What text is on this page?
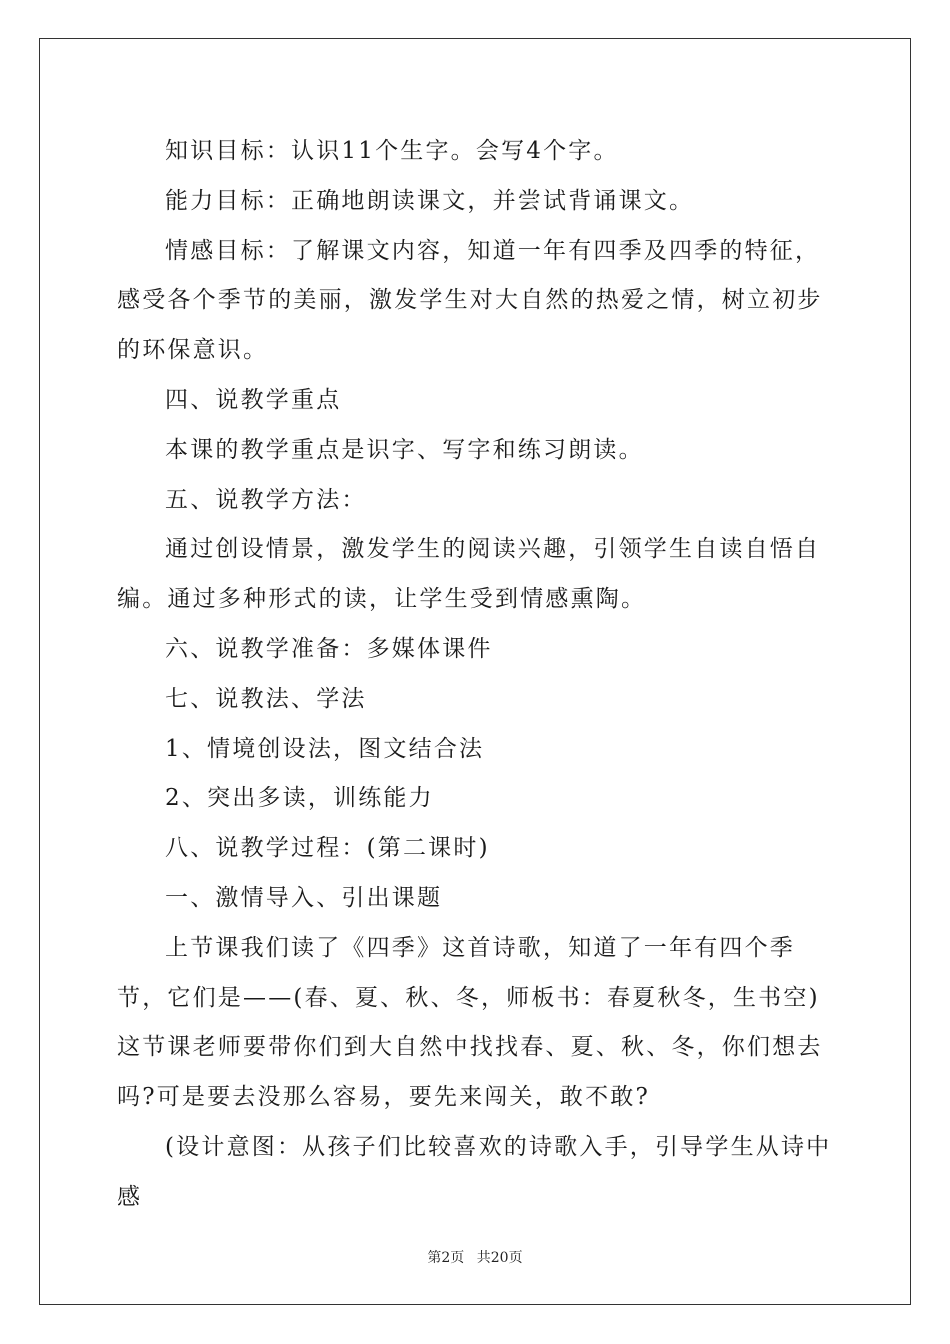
知识目标：认识11个生字。会写4个字。

能力目标：正确地朗读课文，并尝试背诵课文。

情感目标：了解课文内容，知道一年有四季及四季的特征，感受各个季节的美丽，激发学生对大自然的热爱之情，树立初步的环保意识。

四、说教学重点

本课的教学重点是识字、写字和练习朗读。

五、说教学方法：

通过创设情景，激发学生的阅读兴趣，引领学生自读自悟自编。通过多种形式的读，让学生受到情感熏陶。

六、说教学准备：多媒体课件

七、说教法、学法

1、情境创设法，图文结合法

2、突出多读，训练能力

八、说教学过程：(第二课时)

一、激情导入、引出课题

上节课我们读了《四季》这首诗歌，知道了一年有四个季节，它们是——(春、夏、秋、冬，师板书：春夏秋冬，生书空)这节课老师要带你们到大自然中找找春、夏、秋、冬，你们想去吗?可是要去没那么容易，要先来闯关，敢不敢?

(设计意图：从孩子们比较喜欢的诗歌入手，引导学生从诗中感

第2页 共20页
